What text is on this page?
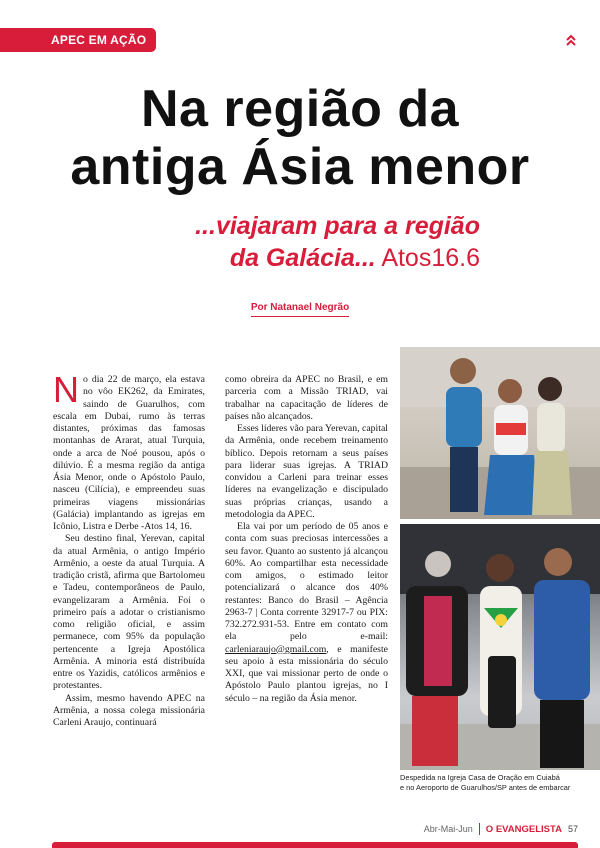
APEC EM AÇÃO
Na região da
antiga Ásia menor
...viajaram para a região
da Galácia... Atos16.6
Por Natanael Negrão

No dia 22 de março, ela estava no vôo EK262, da Emirates, saindo de Guarulhos, com escala em Dubai, rumo às terras distantes, próximas das famosas montanhas de Ararat, atual Turquia, onde a arca de Noé pousou, após o dilúvio. É a mesma região da antiga Ásia Menor, onde o Apóstolo Paulo, nasceu (Cilícia), e empreendeu suas primeiras viagens missionárias (Galácia) implantando as igrejas em Icônio, Listra e Derbe -Atos 14, 16.

Seu destino final, Yerevan, capital da atual Armênia, o antigo Império Armênio, a oeste da atual Turquia. A tradição cristã, afirma que Bartolomeu e Tadeu, contemporâneos de Paulo, evangelizaram a Armênia. Foi o primeiro país a adotar o cristianismo como religião oficial, e assim permanece, com 95% da população pertencente a Igreja Apostólica Armênia. A minoria está distribuída entre os Yazidis, católicos armênios e protestantes.

Assim, mesmo havendo APEC na Armênia, a nossa colega missionária Carleni Araujo, continuará

como obreira da APEC no Brasil, e em parceria com a Missão TRIAD, vai trabalhar na capacitação de líderes de países não alcançados.

Esses líderes vão para Yerevan, capital da Armênia, onde recebem treinamento bíblico. Depois retornam a seus países para liderar suas igrejas. A TRIAD convidou a Carleni para treinar esses líderes na evangelização e discipulado suas próprias crianças, usando a metodologia da APEC.

Ela vai por um período de 05 anos e conta com suas preciosas intercessões a seu favor. Quanto ao sustento já alcançou 60%. Ao compartilhar esta necessidade com amigos, o estimado leitor potencializará o alcance dos 40% restantes: Banco do Brasil – Agência 2963-7 | Conta corrente 32917-7 ou PIX: 732.272.931-53. Entre em contato com ela pelo e-mail: carleniaraujo@gmail.com, e manifeste seu apoio à esta missionária do século XXI, que vai missionar perto de onde o Apóstolo Paulo plantou igrejas, no I século – na região da Ásia menor.

Despedida na Igreja Casa de Oração em Cuiabá
e no Aeroporto de Guarulhos/SP antes de embarcar
Abr-Mai-Jun O EVANGELISTA 57
